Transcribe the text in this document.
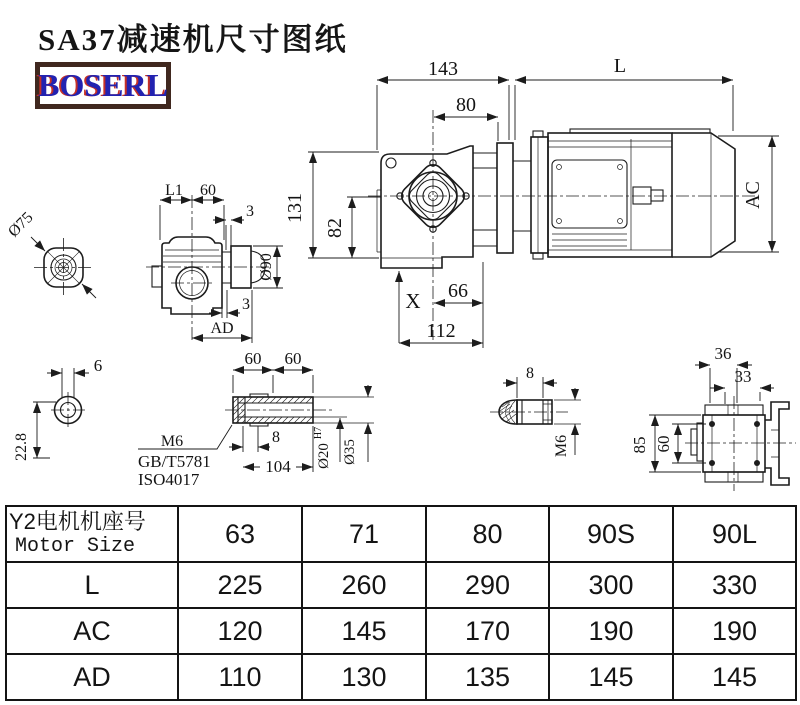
SA37减速机尺寸图纸
BOSERL	143	L
80
131
82
X 66
112
AC
L1 60
3
Ø90
3
AD
Ø75
6
22.8
60 60
M6
GB/T5781
ISO4017
8
104 Ø20
H7
Ø35
8
M6
36
33
85 60
Y2电机机座号
Motor Size	63	71	80	90S	90L
L	225	260	290	300	330
AC	120	145	170	190	190
AD	110	130	135	145	145
